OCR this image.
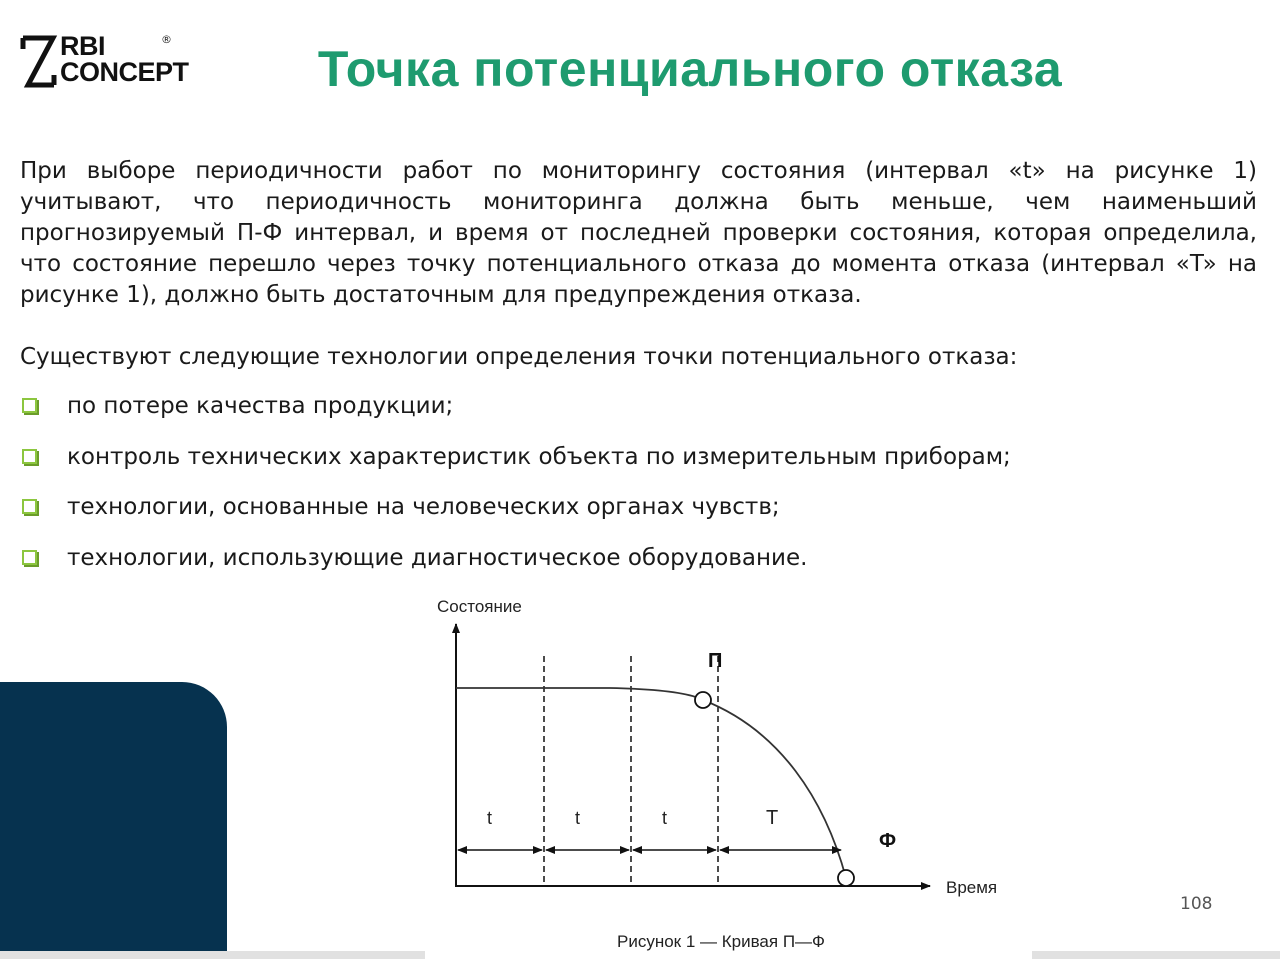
RBI
CONCEPT
®
Точка потенциального отказа
При выборе периодичности работ по мониторингу состояния (интервал «t» на рисунке 1) учитывают, что периодичность мониторинга должна быть меньше, чем наименьший прогнозируемый П-Ф интервал, и время от последней проверки состояния, которая определила, что состояние перешло через точку потенциального отказа до момента отказа (интервал «T» на рисунке 1), должно быть достаточным для предупреждения отказа.
Существуют следующие технологии определения точки потенциального отказа:
по потере качества продукции;
контроль технических характеристик объекта по измерительным приборам;
технологии, основанные на человеческих органах чувств;
технологии, использующие диагностическое оборудование.
Состояние
Время
П
Ф
t	t	t	T
Рисунок 1 — Кривая П—Ф
108
